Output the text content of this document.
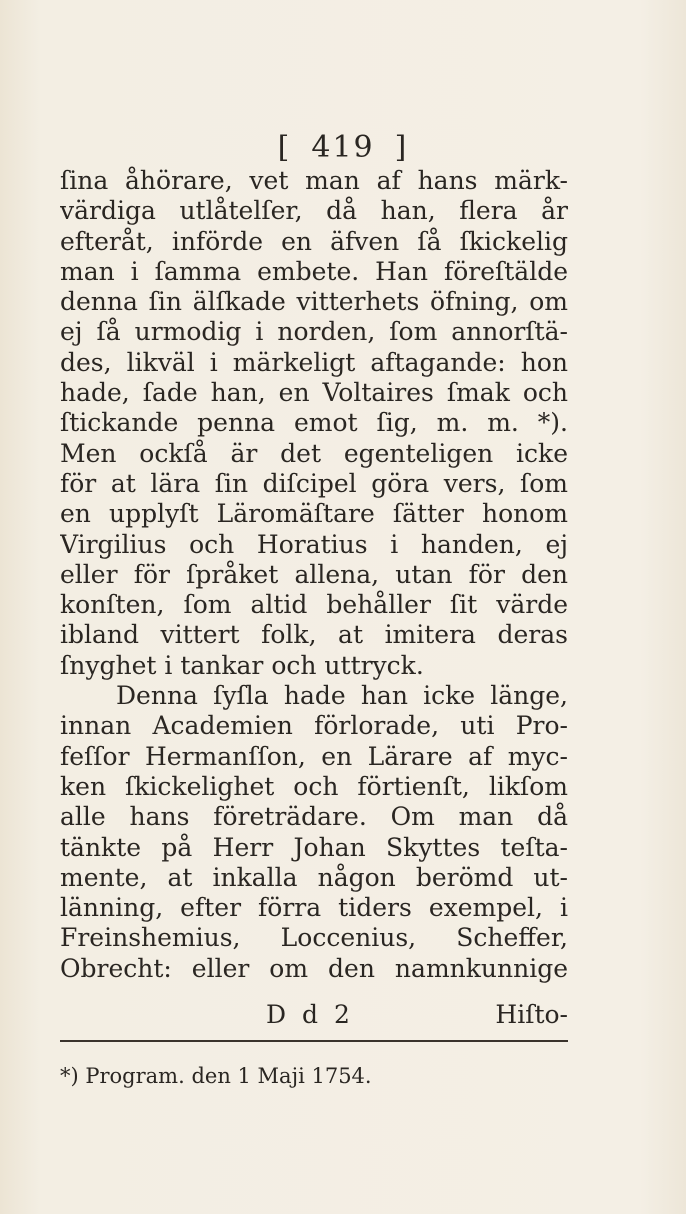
[ 419 ]
ſina åhörare, vet man af hans märk-
värdiga utlåtelſer, då han, flera år
efteråt, införde en äfven ſå ſkickelig
man i ſamma embete. Han föreſtälde
denna ſin älſkade vitterhets öfning, om
ej ſå urmodig i norden, ſom annorſtä-
des, likväl i märkeligt aftagande: hon
hade, ſade han, en Voltaires ſmak och
ſtickande penna emot ſig, m. m. *).
Men ockſå är det egenteligen icke
för at lära ſin diſcipel göra vers, ſom
en upplyſt Läromäſtare ſätter honom
Virgilius och Horatius i handen, ej
eller för ſpråket allena, utan för den
konſten, ſom altid behåller ſit värde
ibland vittert folk, at imitera deras
ſnyghet i tankar och uttryck.
Denna ſyſla hade han icke länge,
innan Academien förlorade, uti Pro-
feſſor Hermanſſon, en Lärare af myc-
ken ſkickelighet och förtienſt, likſom
alle hans företrädare. Om man då
tänkte på Herr Johan Skyttes teſta-
mente, at inkalla någon berömd ut-
länning, efter förra tiders exempel, i
Freinshemius, Loccenius, Scheffer,
Obrecht: eller om den namnkunnige
D d 2	Hiſto-
*) Program. den 1 Maji 1754.
